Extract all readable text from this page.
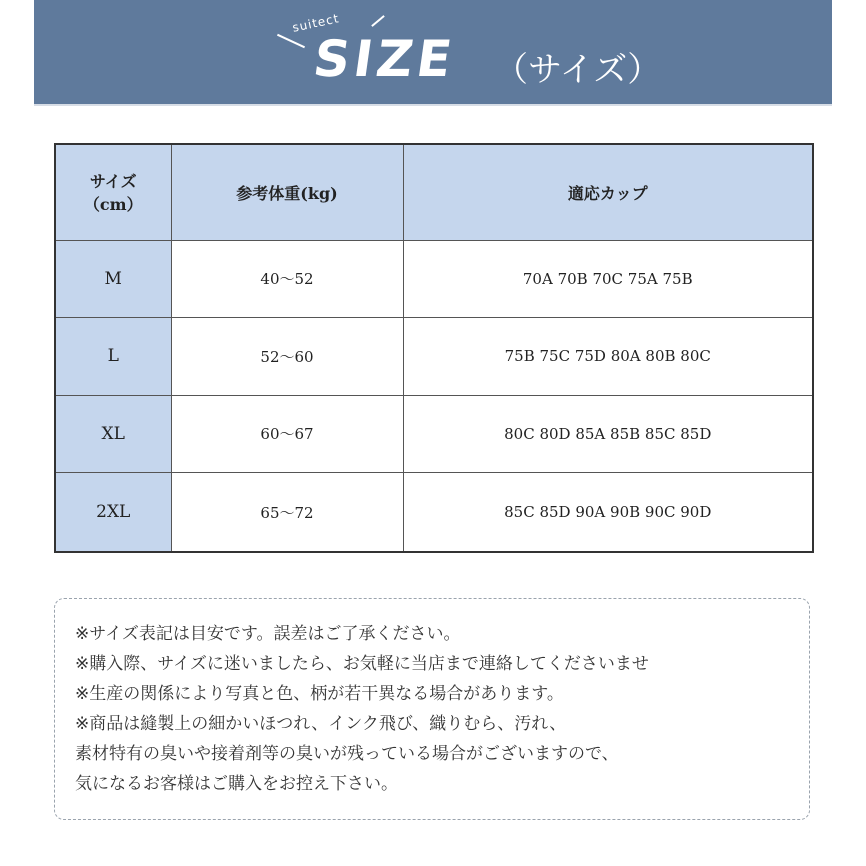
suitect
SIZE （サイズ）
サイズ
（cm）	参考体重(kg)	適応カップ
M	40～52	70A 70B 70C 75A 75B
L	52～60	75B 75C 75D 80A 80B 80C
XL	60～67	80C 80D 85A 85B 85C 85D
2XL	65～72	85C 85D 90A 90B 90C 90D
※サイズ表記は目安です。誤差はご了承ください。
※購入際、サイズに迷いましたら、お気軽に当店まで連絡してくださいませ
※生産の関係により写真と色、柄が若干異なる場合があります。
※商品は縫製上の細かいほつれ、インク飛び、織りむら、汚れ、
素材特有の臭いや接着剤等の臭いが残っている場合がございますので、
気になるお客様はご購入をお控え下さい。
